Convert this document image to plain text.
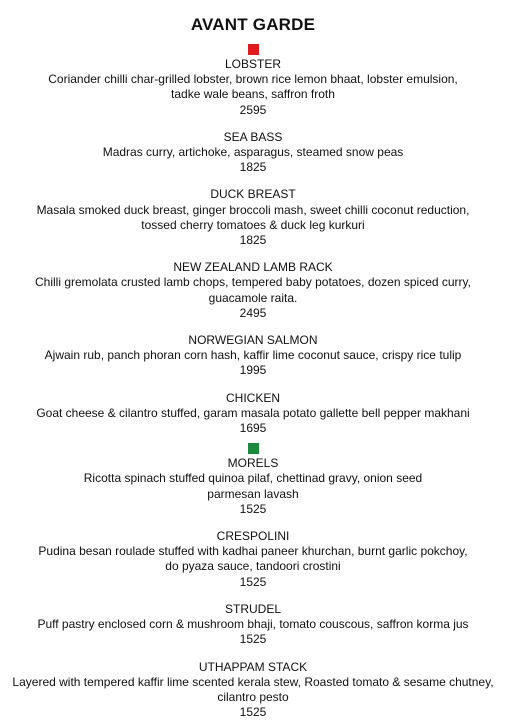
AVANT GARDE
LOBSTER
Coriander chilli char-grilled lobster, brown rice lemon bhaat, lobster emulsion,
tadke wale beans, saffron froth
2595
SEA BASS
Madras curry, artichoke, asparagus, steamed snow peas
1825
DUCK BREAST
Masala smoked duck breast, ginger broccoli mash, sweet chilli coconut reduction,
tossed cherry tomatoes & duck leg kurkuri
1825
NEW ZEALAND LAMB RACK
Chilli gremolata crusted lamb chops, tempered baby potatoes, dozen spiced curry,
guacamole raita.
2495
NORWEGIAN SALMON
Ajwain rub, panch phoran corn hash, kaffir lime coconut sauce, crispy rice tulip
1995
CHICKEN
Goat cheese & cilantro stuffed, garam masala potato gallette bell pepper makhani
1695
MORELS
Ricotta spinach stuffed quinoa pilaf, chettinad gravy, onion seed
parmesan lavash
1525
CRESPOLINI
Pudina besan roulade stuffed with kadhai paneer khurchan, burnt garlic pokchoy,
do pyaza sauce, tandoori crostini
1525
STRUDEL
Puff pastry enclosed corn & mushroom bhaji, tomato couscous, saffron korma jus
1525
UTHAPPAM STACK
Layered with tempered kaffir lime scented kerala stew, Roasted tomato & sesame chutney,
cilantro pesto
1525
